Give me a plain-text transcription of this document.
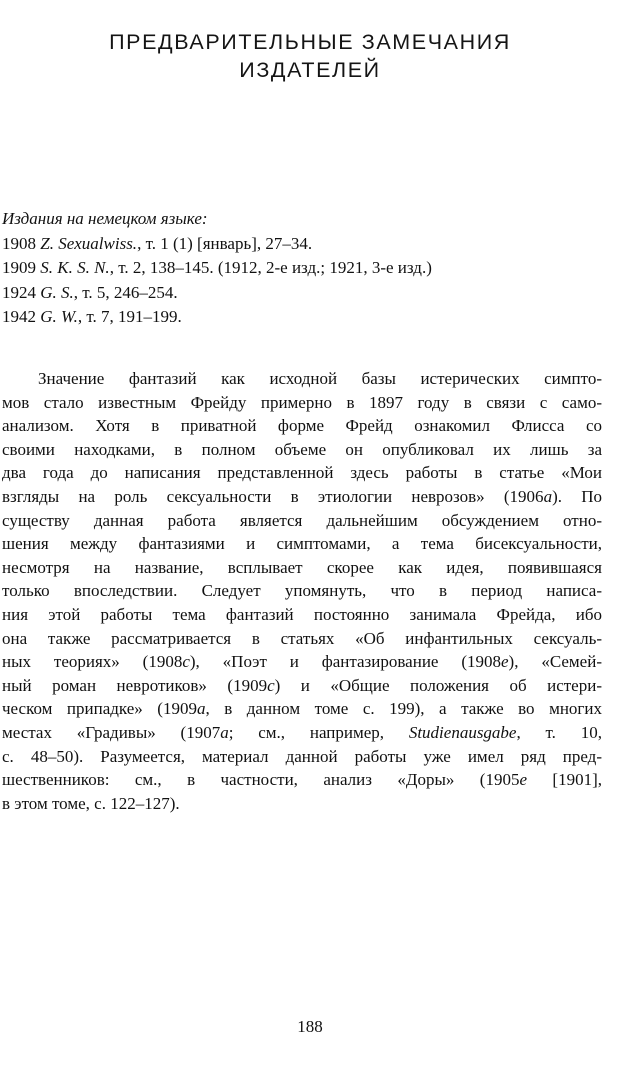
ПРЕДВАРИТЕЛЬНЫЕ ЗАМЕЧАНИЯ
ИЗДАТЕЛЕЙ
Издания на немецком языке:
1908 Z. Sexualwiss., т. 1 (1) [январь], 27–34.
1909 S. K. S. N., т. 2, 138–145. (1912, 2-е изд.; 1921, 3-е изд.)
1924 G. S., т. 5, 246–254.
1942 G. W., т. 7, 191–199.
Значение фантазий как исходной базы истерических симпто-
мов стало известным Фрейду примерно в 1897 году в связи с само-
анализом. Хотя в приватной форме Фрейд ознакомил Флисса со
своими находками, в полном объеме он опубликовал их лишь за
два года до написания представленной здесь работы в статье «Мои
взгляды на роль сексуальности в этиологии неврозов» (1906a). По
существу данная работа является дальнейшим обсуждением отно-
шения между фантазиями и симптомами, а тема бисексуальности,
несмотря на название, всплывает скорее как идея, появившаяся
только впоследствии. Следует упомянуть, что в период написа-
ния этой работы тема фантазий постоянно занимала Фрейда, ибо
она также рассматривается в статьях «Об инфантильных сексуаль-
ных теориях» (1908c), «Поэт и фантазирование (1908e), «Семей-
ный роман невротиков» (1909c) и «Общие положения об истери-
ческом припадке» (1909a, в данном томе с. 199), а также во многих
местах «Градивы» (1907a; см., например, Studienausgabe, т. 10,
с. 48–50). Разумеется, материал данной работы уже имел ряд пред-
шественников: см., в частности, анализ «Доры» (1905e [1901],
в этом томе, с. 122–127).
188
